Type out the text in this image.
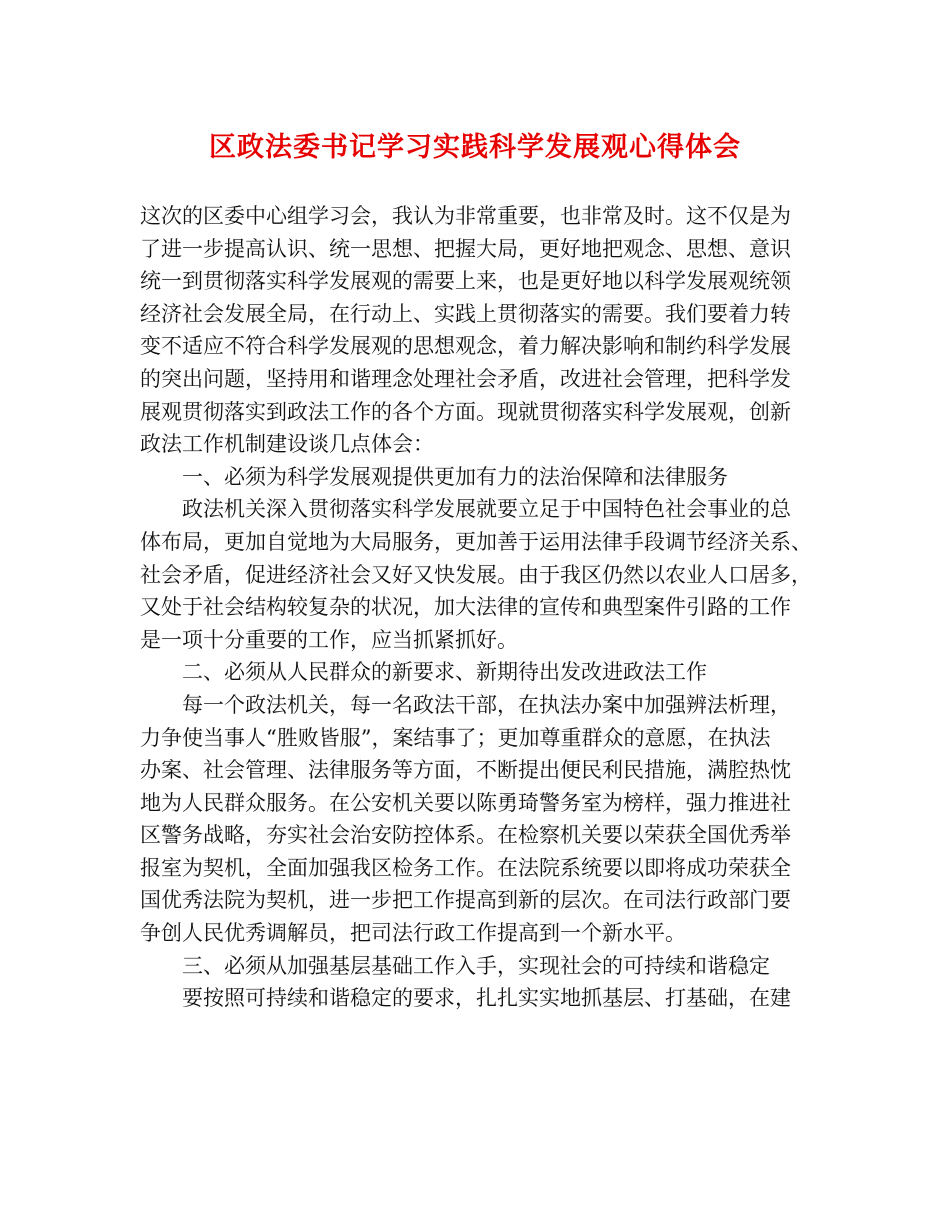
区政法委书记学习实践科学发展观心得体会
这次的区委中心组学习会，我认为非常重要，也非常及时。这不仅是为
了进一步提高认识、统一思想、把握大局，更好地把观念、思想、意识
统一到贯彻落实科学发展观的需要上来，也是更好地以科学发展观统领
经济社会发展全局，在行动上、实践上贯彻落实的需要。我们要着力转
变不适应不符合科学发展观的思想观念，着力解决影响和制约科学发展
的突出问题，坚持用和谐理念处理社会矛盾，改进社会管理，把科学发
展观贯彻落实到政法工作的各个方面。现就贯彻落实科学发展观，创新
政法工作机制建设谈几点体会：
一、必须为科学发展观提供更加有力的法治保障和法律服务
政法机关深入贯彻落实科学发展就要立足于中国特色社会事业的总
体布局，更加自觉地为大局服务，更加善于运用法律手段调节经济关系、
社会矛盾，促进经济社会又好又快发展。由于我区仍然以农业人口居多，
又处于社会结构较复杂的状况，加大法律的宣传和典型案件引路的工作
是一项十分重要的工作，应当抓紧抓好。
二、必须从人民群众的新要求、新期待出发改进政法工作
每一个政法机关，每一名政法干部，在执法办案中加强辨法析理，
力争使当事人“胜败皆服”，案结事了；更加尊重群众的意愿，在执法
办案、社会管理、法律服务等方面，不断提出便民利民措施，满腔热忱
地为人民群众服务。在公安机关要以陈勇琦警务室为榜样，强力推进社
区警务战略，夯实社会治安防控体系。在检察机关要以荣获全国优秀举
报室为契机，全面加强我区检务工作。在法院系统要以即将成功荣获全
国优秀法院为契机，进一步把工作提高到新的层次。在司法行政部门要
争创人民优秀调解员，把司法行政工作提高到一个新水平。
三、必须从加强基层基础工作入手，实现社会的可持续和谐稳定
要按照可持续和谐稳定的要求，扎扎实实地抓基层、打基础，在建
